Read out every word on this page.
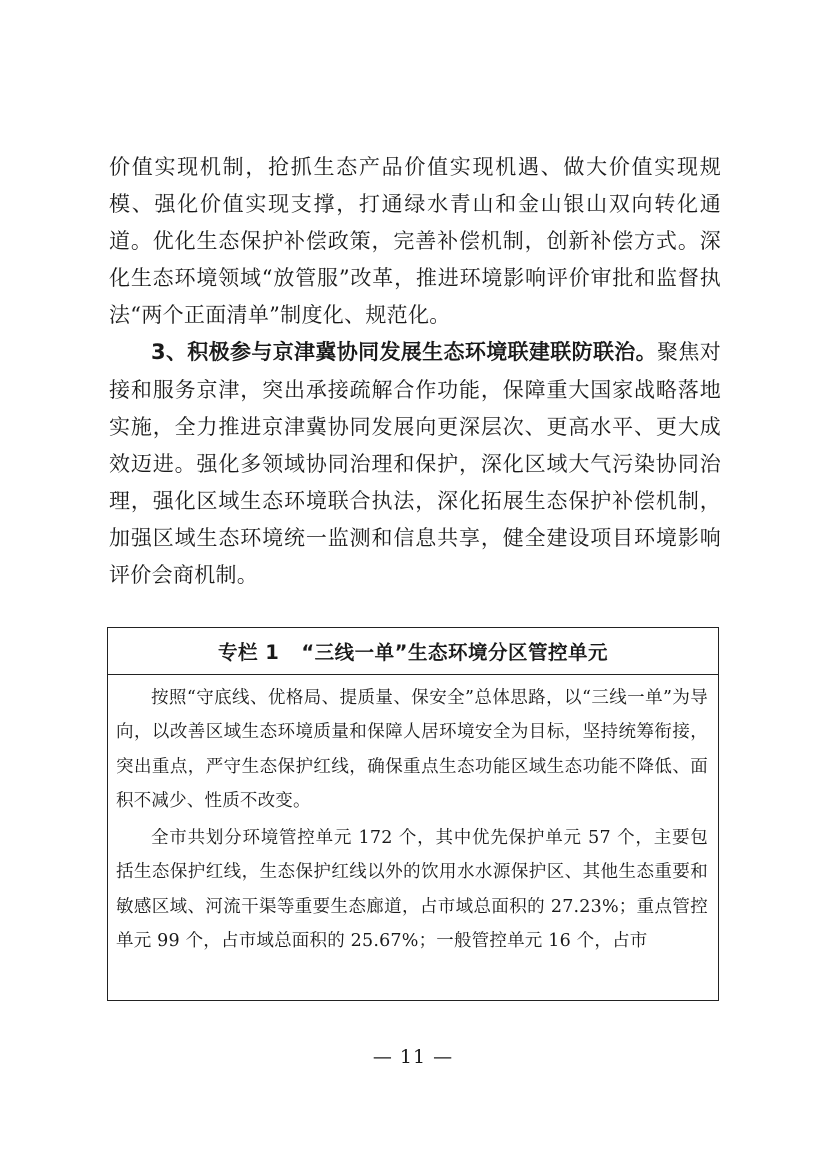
价值实现机制，抢抓生态产品价值实现机遇、做大价值实现规模、强化价值实现支撑，打通绿水青山和金山银山双向转化通道。优化生态保护补偿政策，完善补偿机制，创新补偿方式。深化生态环境领域“放管服”改革，推进环境影响评价审批和监督执法“两个正面清单”制度化、规范化。

3、积极参与京津冀协同发展生态环境联建联防联治。聚焦对接和服务京津，突出承接疏解合作功能，保障重大国家战略落地实施，全力推进京津冀协同发展向更深层次、更高水平、更大成效迈进。强化多领域协同治理和保护，深化区域大气污染协同治理，强化区域生态环境联合执法，深化拓展生态保护补偿机制，加强区域生态环境统一监测和信息共享，健全建设项目环境影响评价会商机制。

专栏 1 “三线一单”生态环境分区管控单元

按照“守底线、优格局、提质量、保安全”总体思路，以“三线一单”为导向，以改善区域生态环境质量和保障人居环境安全为目标，坚持统筹衔接，突出重点，严守生态保护红线，确保重点生态功能区域生态功能不降低、面积不减少、性质不改变。

全市共划分环境管控单元 172 个，其中优先保护单元 57 个，主要包括生态保护红线，生态保护红线以外的饮用水水源保护区、其他生态重要和敏感区域、河流干渠等重要生态廊道，占市域总面积的 27.23%；重点管控单元 99 个，占市域总面积的 25.67%；一般管控单元 16 个，占市

— 11 —
